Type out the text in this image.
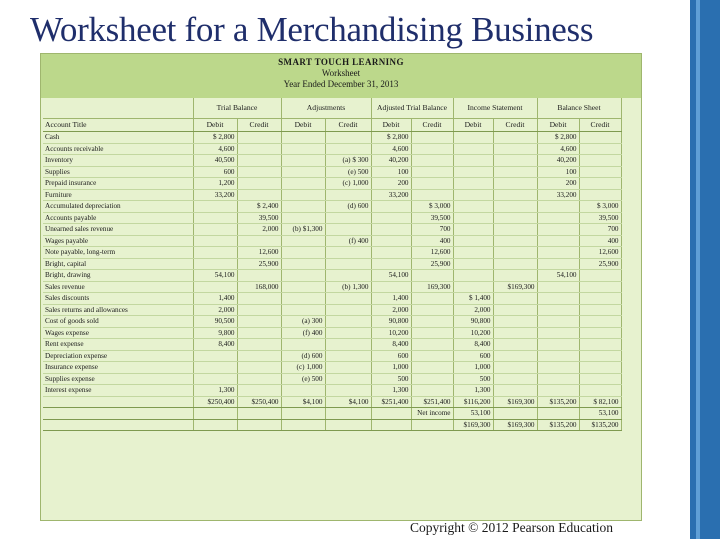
Worksheet for a Merchandising Business
SMART TOUCH LEARNING
Worksheet
Year Ended December 31, 2013
	Trial Balance		Adjustments		Adjusted Trial Balance		Income Statement		Balance Sheet	
Account Title	Debit	Credit	Debit	Credit	Debit	Credit	Debit	Credit	Debit	Credit
Cash	$ 2,800				$ 2,800				$ 2,800	
Accounts receivable	4,600				4,600				4,600	
Inventory	40,500			(a) $ 300	40,200				40,200	
Supplies	600			(e) 500	100				100	
Prepaid insurance	1,200			(c) 1,000	200				200	
Furniture	33,200				33,200				33,200	
Accumulated depreciation		$ 2,400		(d) 600		$ 3,000				$ 3,000
Accounts payable		39,500				39,500				39,500
Unearned sales revenue		2,000	(b) $1,300			700				700
Wages payable				(f) 400		400				400
Note payable, long-term		12,600				12,600				12,600
Bright, capital		25,900				25,900				25,900
Bright, drawing	54,100				54,100				54,100	
Sales revenue		168,000		(b) 1,300		169,300		$169,300		
Sales discounts	1,400				1,400		$ 1,400			
Sales returns and allowances	2,000				2,000		2,000			
Cost of goods sold	90,500		(a) 300		90,800		90,800			
Wages expense	9,800		(f) 400		10,200		10,200			
Rent expense	8,400				8,400		8,400			
Depreciation expense			(d) 600		600		600			
Insurance expense			(c) 1,000		1,000		1,000			
Supplies expense			(e) 500		500		500			
Interest expense	1,300				1,300		1,300			
	$250,400	$250,400	$4,100	$4,100	$251,400	$251,400	$116,200	$169,300	$135,200	$ 82,100
						Net income	53,100			53,100
							$169,300	$169,300	$135,200	$135,200
Copyright © 2012 Pearson Education
